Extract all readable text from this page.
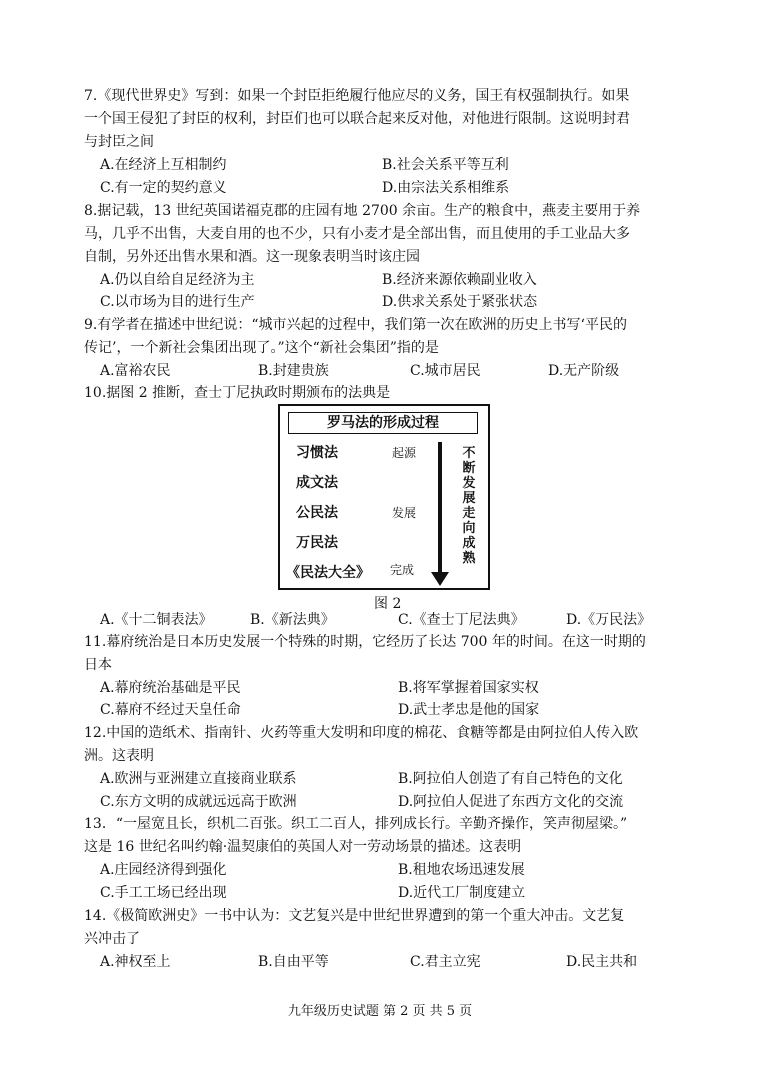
7.《现代世界史》写到：如果一个封臣拒绝履行他应尽的义务，国王有权强制执行。如果
一个国王侵犯了封臣的权利，封臣们也可以联合起来反对他，对他进行限制。这说明封君
与封臣之间
A.在经济上互相制约	B.社会关系平等互利
C.有一定的契约意义	D.由宗法关系相维系
8.据记载，13 世纪英国诺福克郡的庄园有地 2700 余亩。生产的粮食中，燕麦主要用于养
马，几乎不出售，大麦自用的也不少，只有小麦才是全部出售，而且使用的手工业品大多
自制，另外还出售水果和酒。这一现象表明当时该庄园
A.仍以自给自足经济为主	B.经济来源依赖副业收入
C.以市场为目的进行生产	D.供求关系处于紧张状态
9.有学者在描述中世纪说：“城市兴起的过程中，我们第一次在欧洲的历史上书写‘平民的
传记’，一个新社会集团出现了。”这个“新社会集团”指的是
A.富裕农民	B.封建贵族	C.城市居民	D.无产阶级
10.据图 2 推断，查士丁尼执政时期颁布的法典是
罗马法的形成过程
习惯法	起源
成文法
公民法	发展
万民法
《民法大全》 完成
不
断
发
展
走
向
成
熟
图 2
A.《十二铜表法》	B.《新法典》	C.《查士丁尼法典》	D.《万民法》
11.幕府统治是日本历史发展一个特殊的时期，它经历了长达 700 年的时间。在这一时期的
日本
A.幕府统治基础是平民	B.将军掌握着国家实权
C.幕府不经过天皇任命	D.武士孝忠是他的国家
12.中国的造纸术、指南针、火药等重大发明和印度的棉花、食糖等都是由阿拉伯人传入欧
洲。这表明
A.欧洲与亚洲建立直接商业联系	B.阿拉伯人创造了有自己特色的文化
C.东方文明的成就远远高于欧洲	D.阿拉伯人促进了东西方文化的交流
13．“一屋宽且长，织机二百张。织工二百人，排列成长行。辛勤齐操作，笑声彻屋梁。”
这是 16 世纪名叫约翰·温契康伯的英国人对一劳动场景的描述。这表明
A.庄园经济得到强化	B.租地农场迅速发展
C.手工工场已经出现	D.近代工厂制度建立
14.《极简欧洲史》一书中认为：文艺复兴是中世纪世界遭到的第一个重大冲击。文艺复
兴冲击了
A.神权至上	B.自由平等	C.君主立宪	D.民主共和
九年级历史试题 第 2 页 共 5 页
